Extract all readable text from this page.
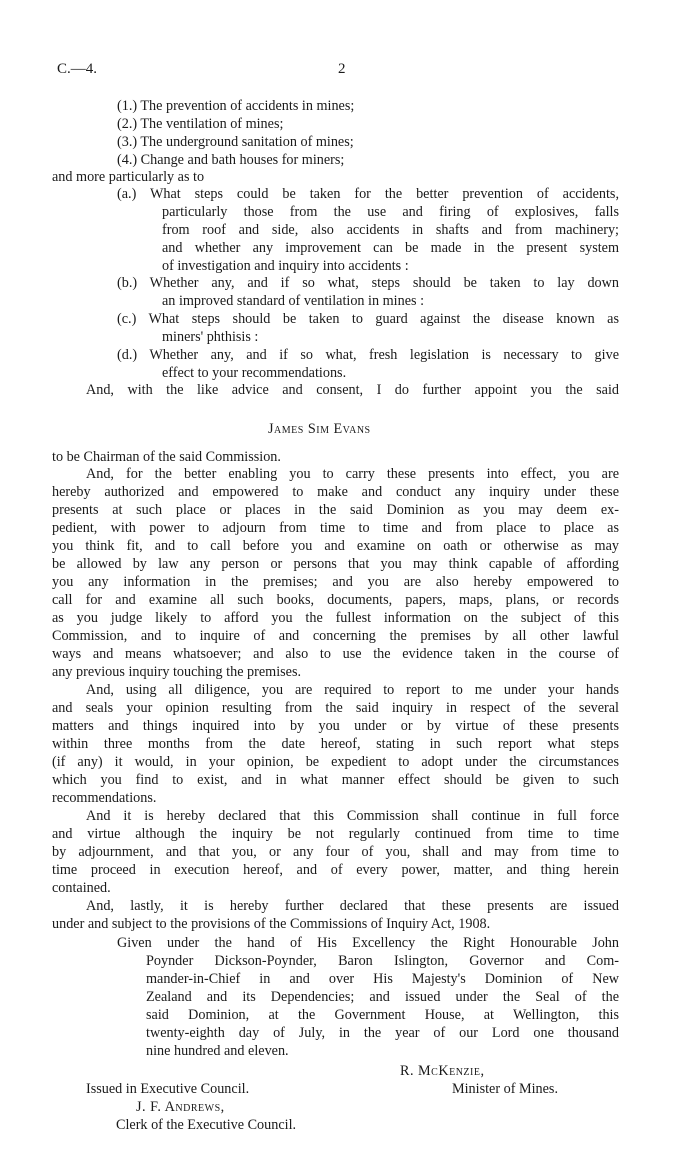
C.—4.	2
(1.) The prevention of accidents in mines;
(2.) The ventilation of mines;
(3.) The underground sanitation of mines;
(4.) Change and bath houses for miners;
and more particularly as to
(a.) What steps could be taken for the better prevention of accidents,
particularly those from the use and firing of explosives, falls
from roof and side, also accidents in shafts and from machinery;
and whether any improvement can be made in the present system
of investigation and inquiry into accidents :
(b.) Whether any, and if so what, steps should be taken to lay down
an improved standard of ventilation in mines :
(c.) What steps should be taken to guard against the disease known as
miners' phthisis :
(d.) Whether any, and if so what, fresh legislation is necessary to give
effect to your recommendations.
And, with the like advice and consent, I do further appoint you the said
James Sim Evans
to be Chairman of the said Commission.
And, for the better enabling you to carry these presents into effect, you are
hereby authorized and empowered to make and conduct any inquiry under these
presents at such place or places in the said Dominion as you may deem ex-
pedient, with power to adjourn from time to time and from place to place as
you think fit, and to call before you and examine on oath or otherwise as may
be allowed by law any person or persons that you may think capable of affording
you any information in the premises; and you are also hereby empowered to
call for and examine all such books, documents, papers, maps, plans, or records
as you judge likely to afford you the fullest information on the subject of this
Commission, and to inquire of and concerning the premises by all other lawful
ways and means whatsoever; and also to use the evidence taken in the course of
any previous inquiry touching the premises.
And, using all diligence, you are required to report to me under your hands
and seals your opinion resulting from the said inquiry in respect of the several
matters and things inquired into by you under or by virtue of these presents
within three months from the date hereof, stating in such report what steps
(if any) it would, in your opinion, be expedient to adopt under the circumstances
which you find to exist, and in what manner effect should be given to such
recommendations.
And it is hereby declared that this Commission shall continue in full force
and virtue although the inquiry be not regularly continued from time to time
by adjournment, and that you, or any four of you, shall and may from time to
time proceed in execution hereof, and of every power, matter, and thing herein
contained.
And, lastly, it is hereby further declared that these presents are issued
under and subject to the provisions of the Commissions of Inquiry Act, 1908.
Given under the hand of His Excellency the Right Honourable John
Poynder Dickson-Poynder, Baron Islington, Governor and Com-
mander-in-Chief in and over His Majesty's Dominion of New
Zealand and its Dependencies; and issued under the Seal of the
said Dominion, at the Government House, at Wellington, this
twenty-eighth day of July, in the year of our Lord one thousand
nine hundred and eleven.
R. McKenzie,
Minister of Mines.
Issued in Executive Council.
J. F. Andrews,
Clerk of the Executive Council.
